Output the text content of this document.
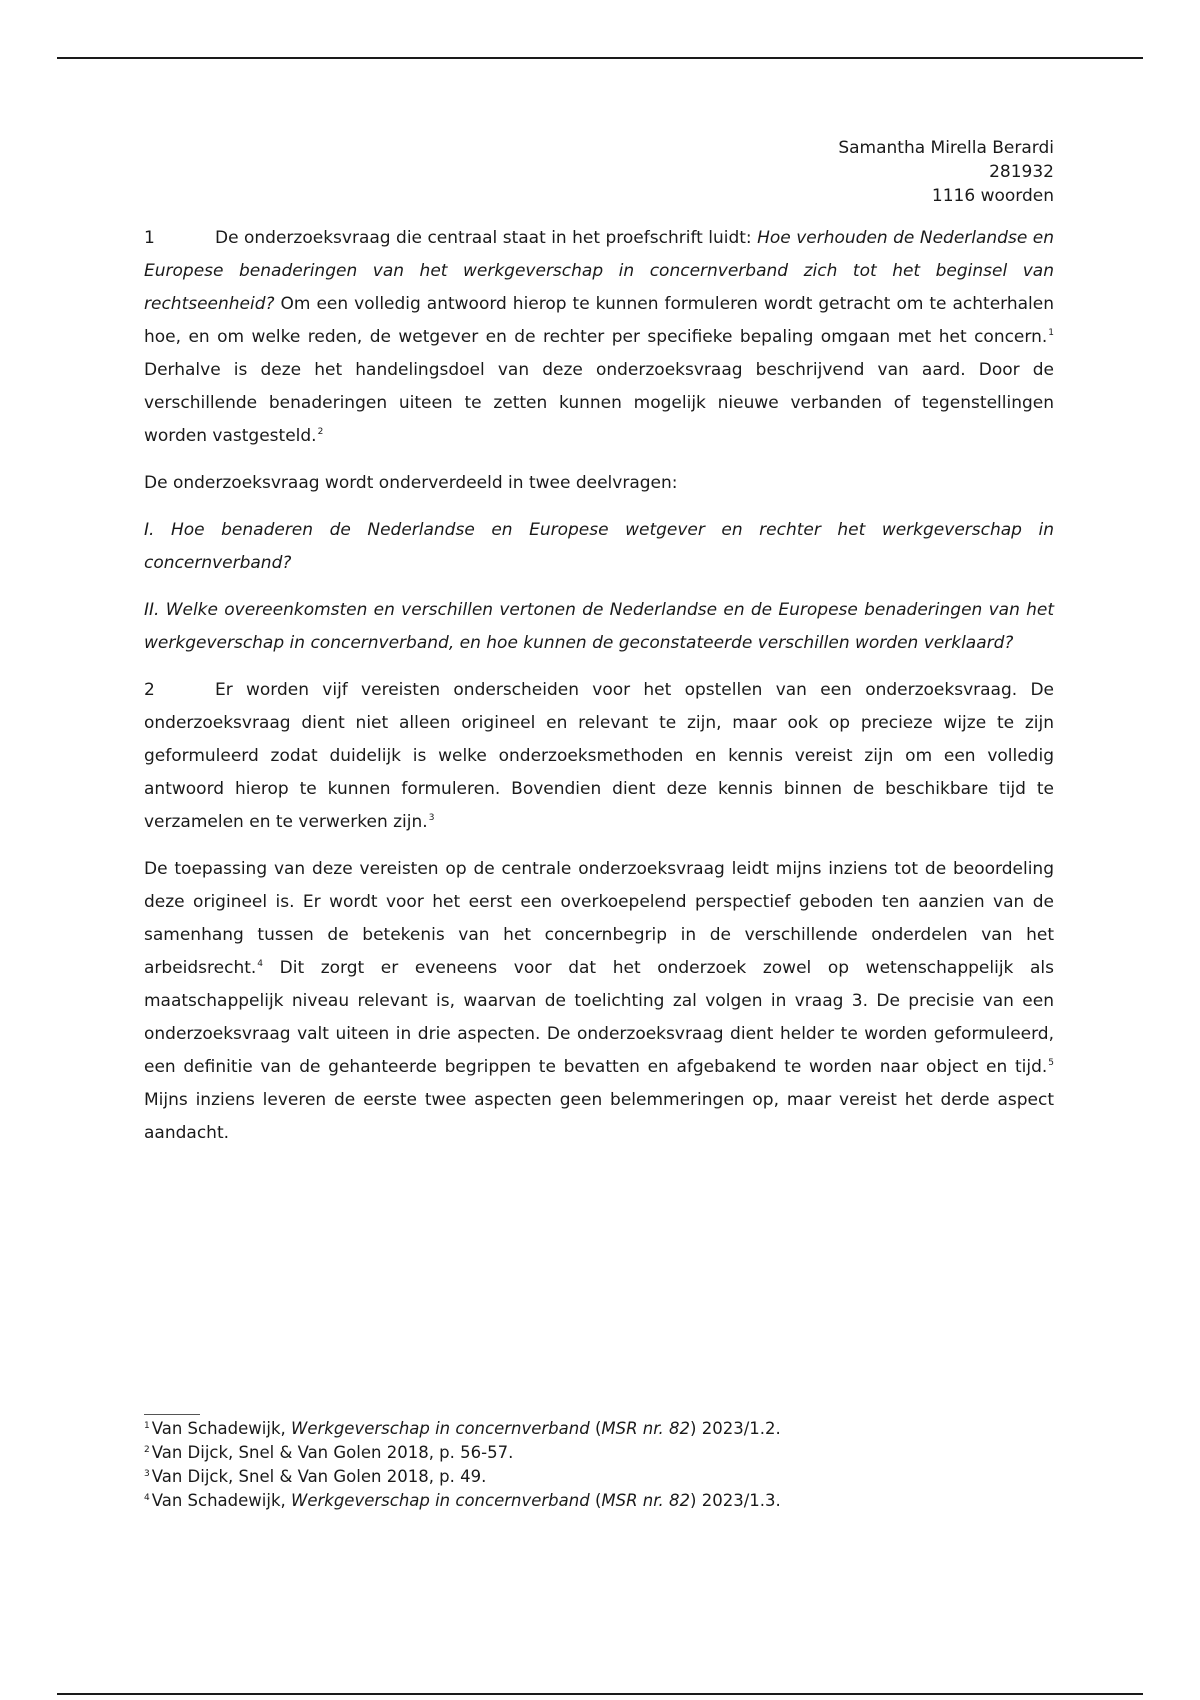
Samantha Mirella Berardi
281932
1116 woorden

1	De onderzoeksvraag die centraal staat in het proefschrift luidt: Hoe verhouden de Nederlandse en Europese benaderingen van het werkgeverschap in concernverband zich tot het beginsel van rechtseenheid? Om een volledig antwoord hierop te kunnen formuleren wordt getracht om te achterhalen hoe, en om welke reden, de wetgever en de rechter per specifieke bepaling omgaan met het concern.$^1$ Derhalve is deze het handelingsdoel van deze onderzoeksvraag beschrijvend van aard. Door de verschillende benaderingen uiteen te zetten kunnen mogelijk nieuwe verbanden of tegenstellingen worden vastgesteld.$^2$

De onderzoeksvraag wordt onderverdeeld in twee deelvragen:

I. Hoe benaderen de Nederlandse en Europese wetgever en rechter het werkgeverschap in concernverband?

II. Welke overeenkomsten en verschillen vertonen de Nederlandse en de Europese benaderingen van het werkgeverschap in concernverband, en hoe kunnen de geconstateerde verschillen worden verklaard?

2	Er worden vijf vereisten onderscheiden voor het opstellen van een onderzoeksvraag. De onderzoeksvraag dient niet alleen origineel en relevant te zijn, maar ook op precieze wijze te zijn geformuleerd zodat duidelijk is welke onderzoeksmethoden en kennis vereist zijn om een volledig antwoord hierop te kunnen formuleren. Bovendien dient deze kennis binnen de beschikbare tijd te verzamelen en te verwerken zijn.$^3$

De toepassing van deze vereisten op de centrale onderzoeksvraag leidt mijns inziens tot de beoordeling deze origineel is. Er wordt voor het eerst een overkoepelend perspectief geboden ten aanzien van de samenhang tussen de betekenis van het concernbegrip in de verschillende onderdelen van het arbeidsrecht.$^4$ Dit zorgt er eveneens voor dat het onderzoek zowel op wetenschappelijk als maatschappelijk niveau relevant is, waarvan de toelichting zal volgen in vraag 3. De precisie van een onderzoeksvraag valt uiteen in drie aspecten. De onderzoeksvraag dient helder te worden geformuleerd, een definitie van de gehanteerde begrippen te bevatten en afgebakend te worden naar object en tijd.$^5$ Mijns inziens leveren de eerste twee aspecten geen belemmeringen op, maar vereist het derde aspect aandacht.

$^1$ Van Schadewijk, Werkgeverschap in concernverband (MSR nr. 82) 2023/1.2.
$^2$ Van Dijck, Snel & Van Golen 2018, p. 56-57.
$^3$ Van Dijck, Snel & Van Golen 2018, p. 49.
$^4$ Van Schadewijk, Werkgeverschap in concernverband (MSR nr. 82) 2023/1.3.
